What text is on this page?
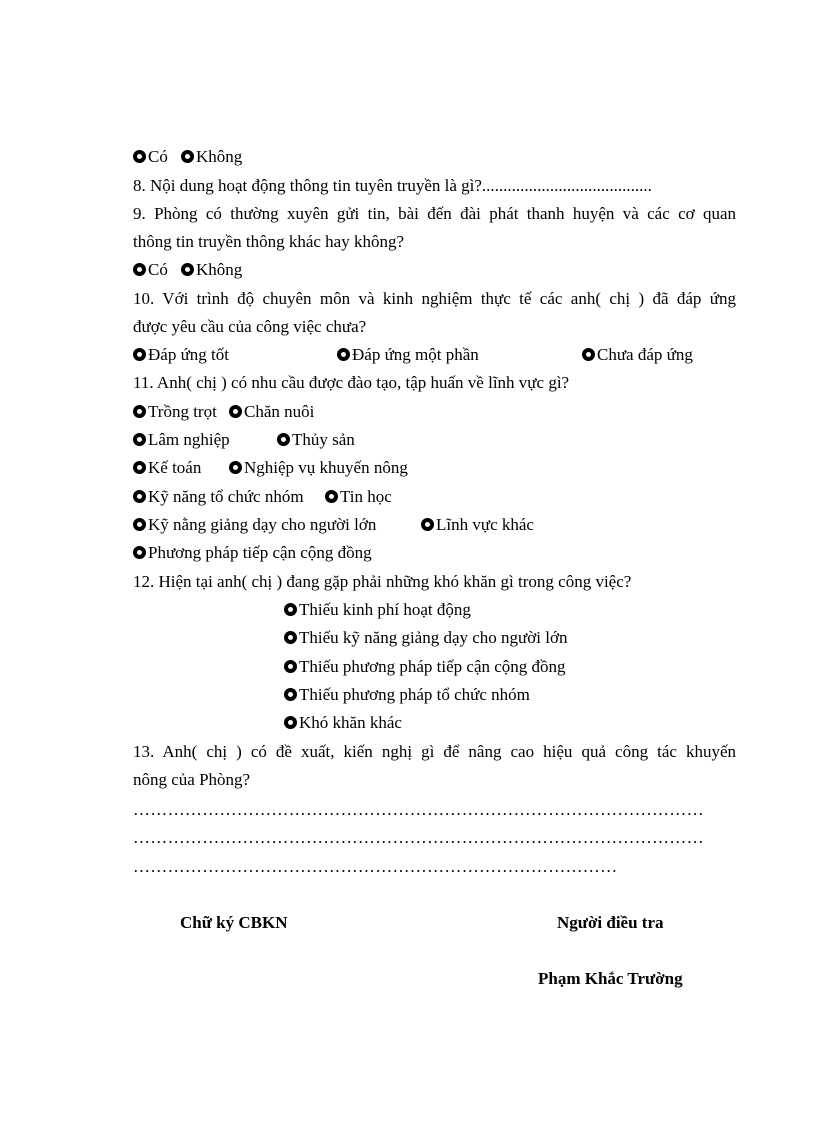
Có	Không
8. Nội dung hoạt động thông tin tuyên truyền là gì?........................................
9. Phòng có thường xuyên gửi tin, bài đến đài phát thanh huyện và các cơ quan
thông tin truyền thông khác hay không?
Có	Không
10. Với trình độ chuyên môn và kinh nghiệm thực tế các anh( chị ) đã đáp ứng
được yêu cầu của công việc chưa?
Đáp ứng tốt	Đáp ứng một phần	Chưa đáp ứng
11. Anh( chị ) có nhu cầu được đào tạo, tập huấn về lĩnh vực gì?
Trồng trọt	Chăn nuôi
Lâm nghiệp	Thủy sản
Kế toán	Nghiệp vụ khuyến nông
Kỹ năng tổ chức nhóm	Tin học
Kỹ nằng giảng dạy cho người lớn	Lĩnh vực khác
Phương pháp tiếp cận cộng đồng
12. Hiện tại anh( chị ) đang gặp phải những khó khăn gì trong công việc?
Thiếu kinh phí hoạt động
Thiếu kỹ năng giảng dạy cho người lớn
Thiếu phương pháp tiếp cận cộng đồng
Thiếu phương pháp tổ chức nhóm
Khó khăn khác
13. Anh( chị ) có đề xuất, kiến nghị gì để nâng cao hiệu quả công tác khuyến
nông của Phòng?
………………………………………………………………………………………
………………………………………………………………………………………
…………………………………………………………………………
Chữ ký CBKN	Người điều tra
Phạm Khắc Trường
